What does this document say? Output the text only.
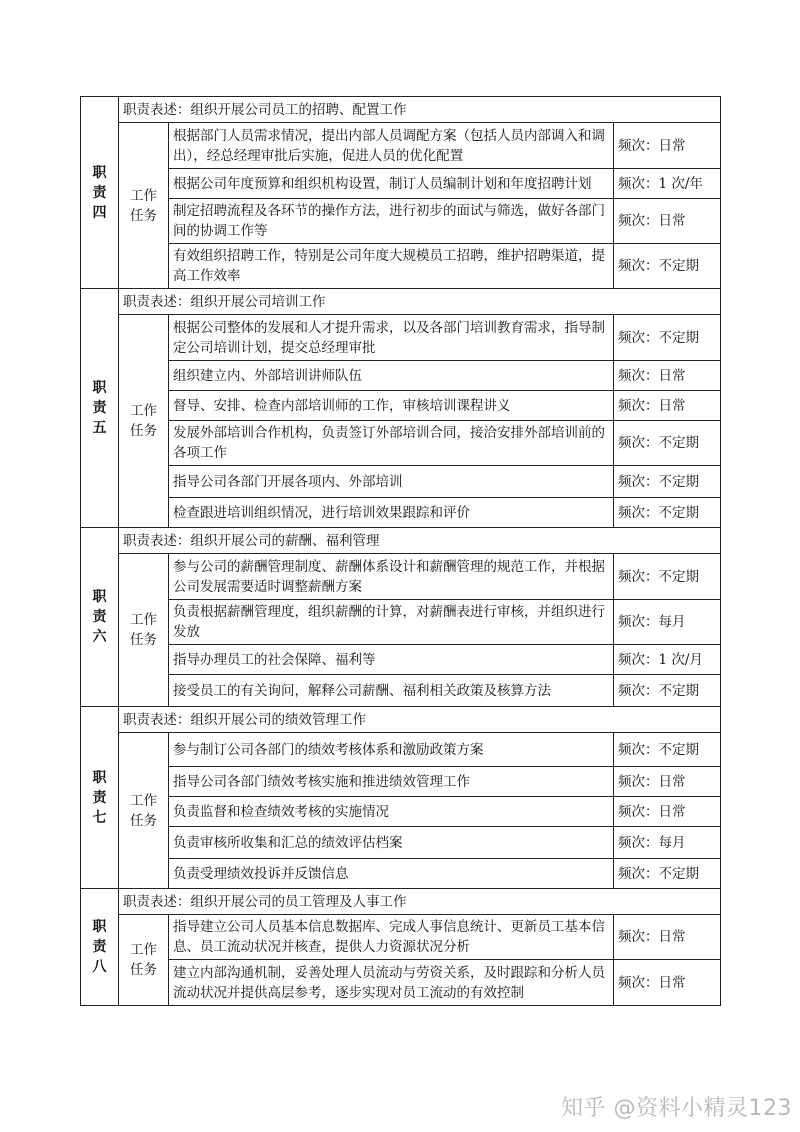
职
责
四	职责表述：组织开展公司员工的招聘、配置工作		

	工作
任务	根据部门人员需求情况，提出内部人员调配方案（包括人员内部调入和调出），经总经理审批后实施，促进人员的优化配置	频次：日常
		根据公司年度预算和组织机构设置，制订人员编制计划和年度招聘计划	频次：1 次/年
		制定招聘流程及各环节的操作方法，进行初步的面试与筛选，做好各部门间的协调工作等	频次：日常
		有效组织招聘工作，特别是公司年度大规模员工招聘，维护招聘渠道，提高工作效率	频次：不定期

职
责
五	职责表述：组织开展公司培训工作		

	工作
任务	根据公司整体的发展和人才提升需求，以及各部门培训教育需求，指导制定公司培训计划，提交总经理审批	频次：不定期
		组织建立内、外部培训讲师队伍	频次：日常
		督导、安排、检查内部培训师的工作，审核培训课程讲义	频次：日常
		发展外部培训合作机构，负责签订外部培训合同，接洽安排外部培训前的各项工作	频次：不定期
		指导公司各部门开展各项内、外部培训	频次：不定期
		检查跟进培训组织情况，进行培训效果跟踪和评价	频次：不定期

职
责
六	职责表述：组织开展公司的薪酬、福利管理		

	工作
任务	参与公司的薪酬管理制度、薪酬体系设计和薪酬管理的规范工作，并根据公司发展需要适时调整薪酬方案	频次：不定期
		负责根据薪酬管理度，组织薪酬的计算，对薪酬表进行审核，并组织进行发放	频次：每月
		指导办理员工的社会保障、福利等	频次：1 次/月
		接受员工的有关询问，解释公司薪酬、福利相关政策及核算方法	频次：不定期

职
责
七	职责表述：组织开展公司的绩效管理工作		

	工作
任务	参与制订公司各部门的绩效考核体系和激励政策方案	频次：不定期
		指导公司各部门绩效考核实施和推进绩效管理工作	频次：日常
		负责监督和检查绩效考核的实施情况	频次：日常
		负责审核所收集和汇总的绩效评估档案	频次：每月
		负责受理绩效投诉并反馈信息	频次：不定期

职
责
八	职责表述：组织开展公司的员工管理及人事工作		

	工作
任务	指导建立公司人员基本信息数据库、完成人事信息统计、更新员工基本信息、员工流动状况并核查，提供人力资源状况分析	频次：日常
		建立内部沟通机制，妥善处理人员流动与劳资关系，及时跟踪和分析人员流动状况并提供高层参考，逐步实现对员工流动的有效控制	频次：日常
知乎 @资料小精灵123
